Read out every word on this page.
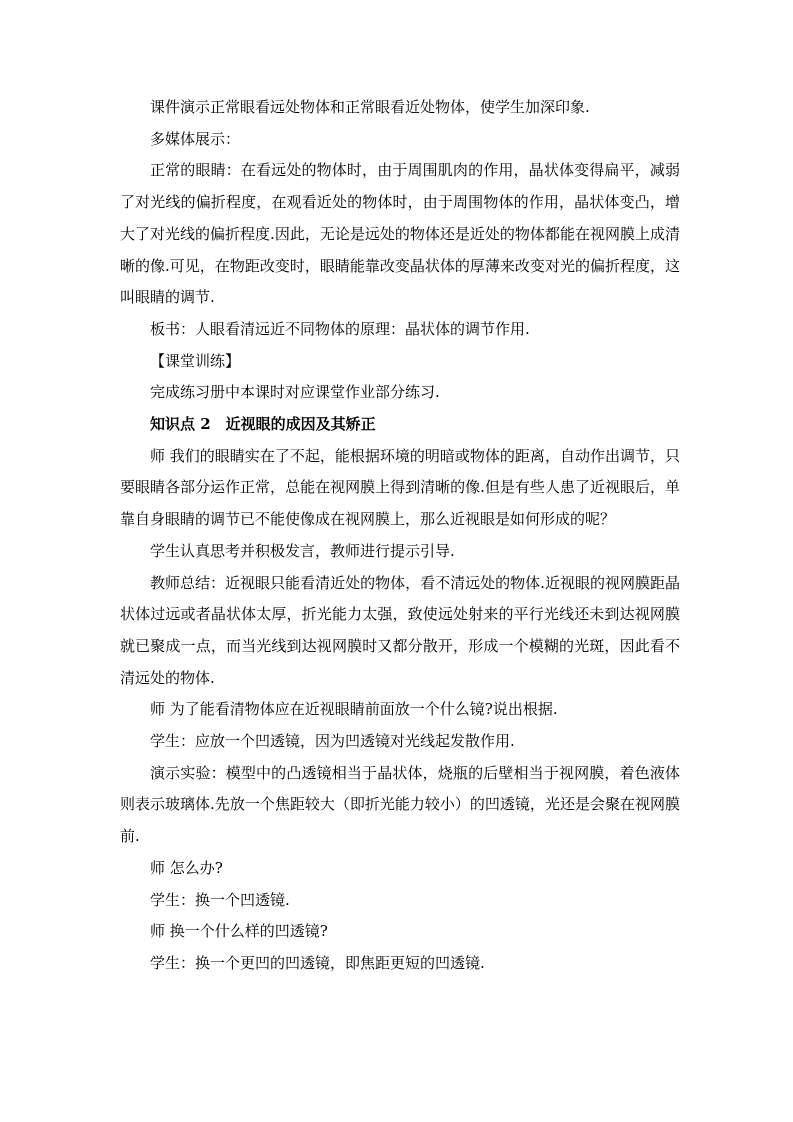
课件演示正常眼看远处物体和正常眼看近处物体，使学生加深印象.

多媒体展示：

正常的眼睛：在看远处的物体时，由于周围肌肉的作用，晶状体变得扁平，减弱了对光线的偏折程度，在观看近处的物体时，由于周围物体的作用，晶状体变凸，增大了对光线的偏折程度.因此，无论是远处的物体还是近处的物体都能在视网膜上成清晰的像.可见，在物距改变时，眼睛能靠改变晶状体的厚薄来改变对光的偏折程度，这叫眼睛的调节.

板书：人眼看清远近不同物体的原理：晶状体的调节作用.

【课堂训练】

完成练习册中本课时对应课堂作业部分练习.

知识点 2　近视眼的成因及其矫正

师 我们的眼睛实在了不起，能根据环境的明暗或物体的距离，自动作出调节，只要眼睛各部分运作正常，总能在视网膜上得到清晰的像.但是有些人患了近视眼后，单靠自身眼睛的调节已不能使像成在视网膜上，那么近视眼是如何形成的呢？

学生认真思考并积极发言，教师进行提示引导.

教师总结：近视眼只能看清近处的物体，看不清远处的物体.近视眼的视网膜距晶状体过远或者晶状体太厚，折光能力太强，致使远处射来的平行光线还未到达视网膜就已聚成一点，而当光线到达视网膜时又都分散开，形成一个模糊的光斑，因此看不清远处的物体.

师 为了能看清物体应在近视眼睛前面放一个什么镜?说出根据.

学生：应放一个凹透镜，因为凹透镜对光线起发散作用.

演示实验：模型中的凸透镜相当于晶状体，烧瓶的后壁相当于视网膜，着色液体则表示玻璃体.先放一个焦距较大（即折光能力较小）的凹透镜，光还是会聚在视网膜前.

师 怎么办?

学生：换一个凹透镜.

师 换一个什么样的凹透镜?

学生：换一个更凹的凹透镜，即焦距更短的凹透镜.
